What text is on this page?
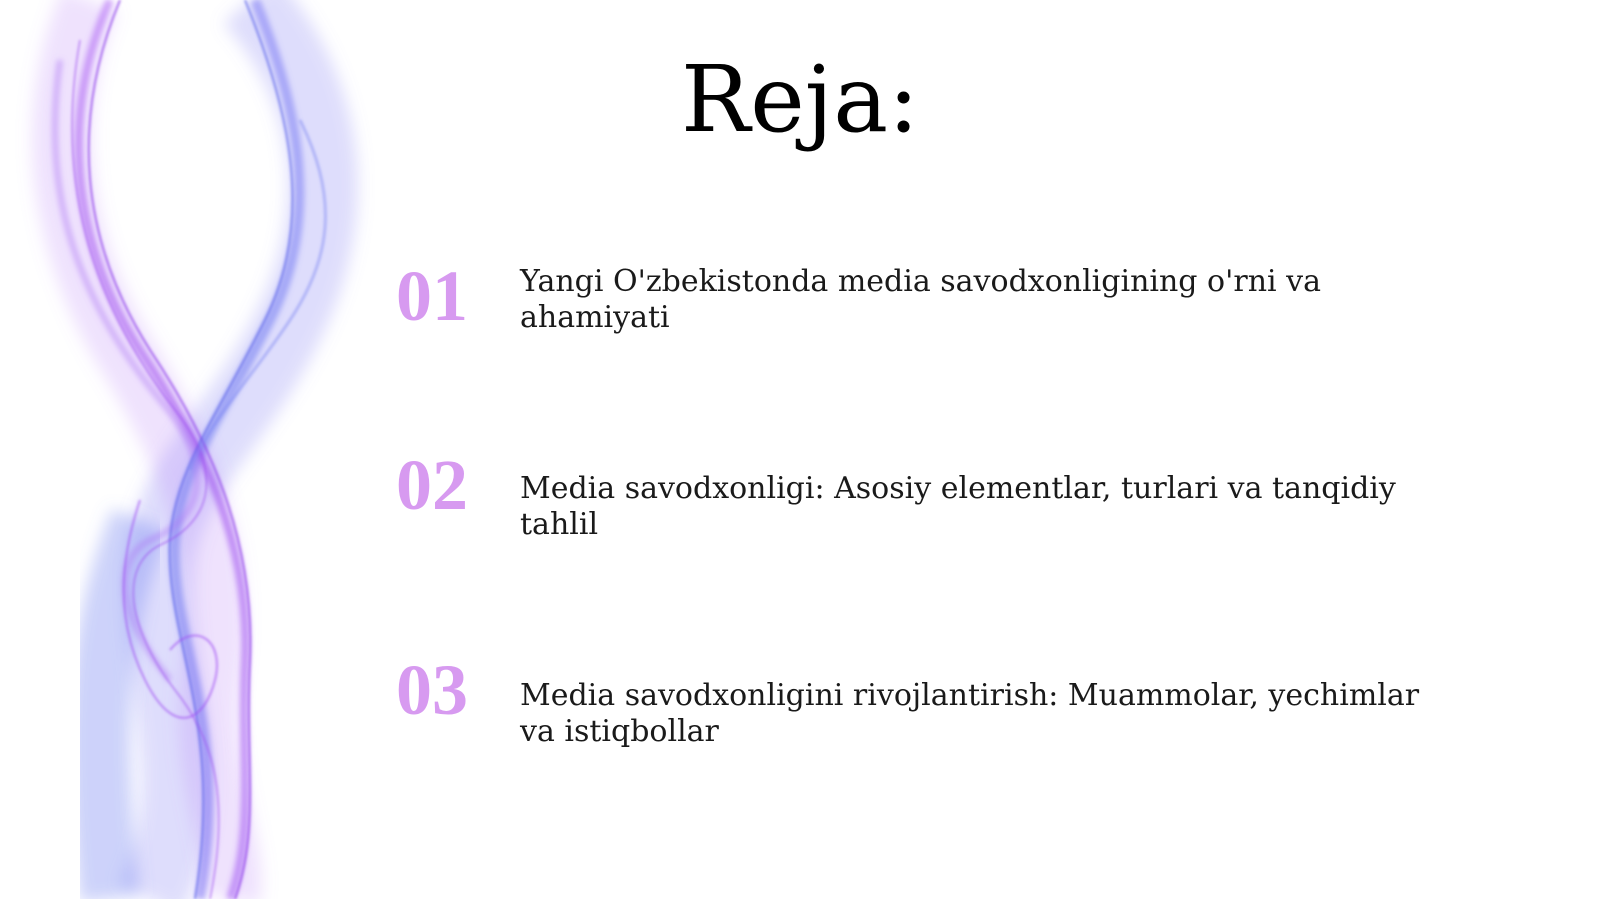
Reja:
01	Yangi O'zbekistonda media savodxonligining o'rni va ahamiyati
02	Media savodxonligi: Asosiy elementlar, turlari va tanqidiy tahlil
03	Media savodxonligini rivojlantirish: Muammolar, yechimlar va istiqbollar
